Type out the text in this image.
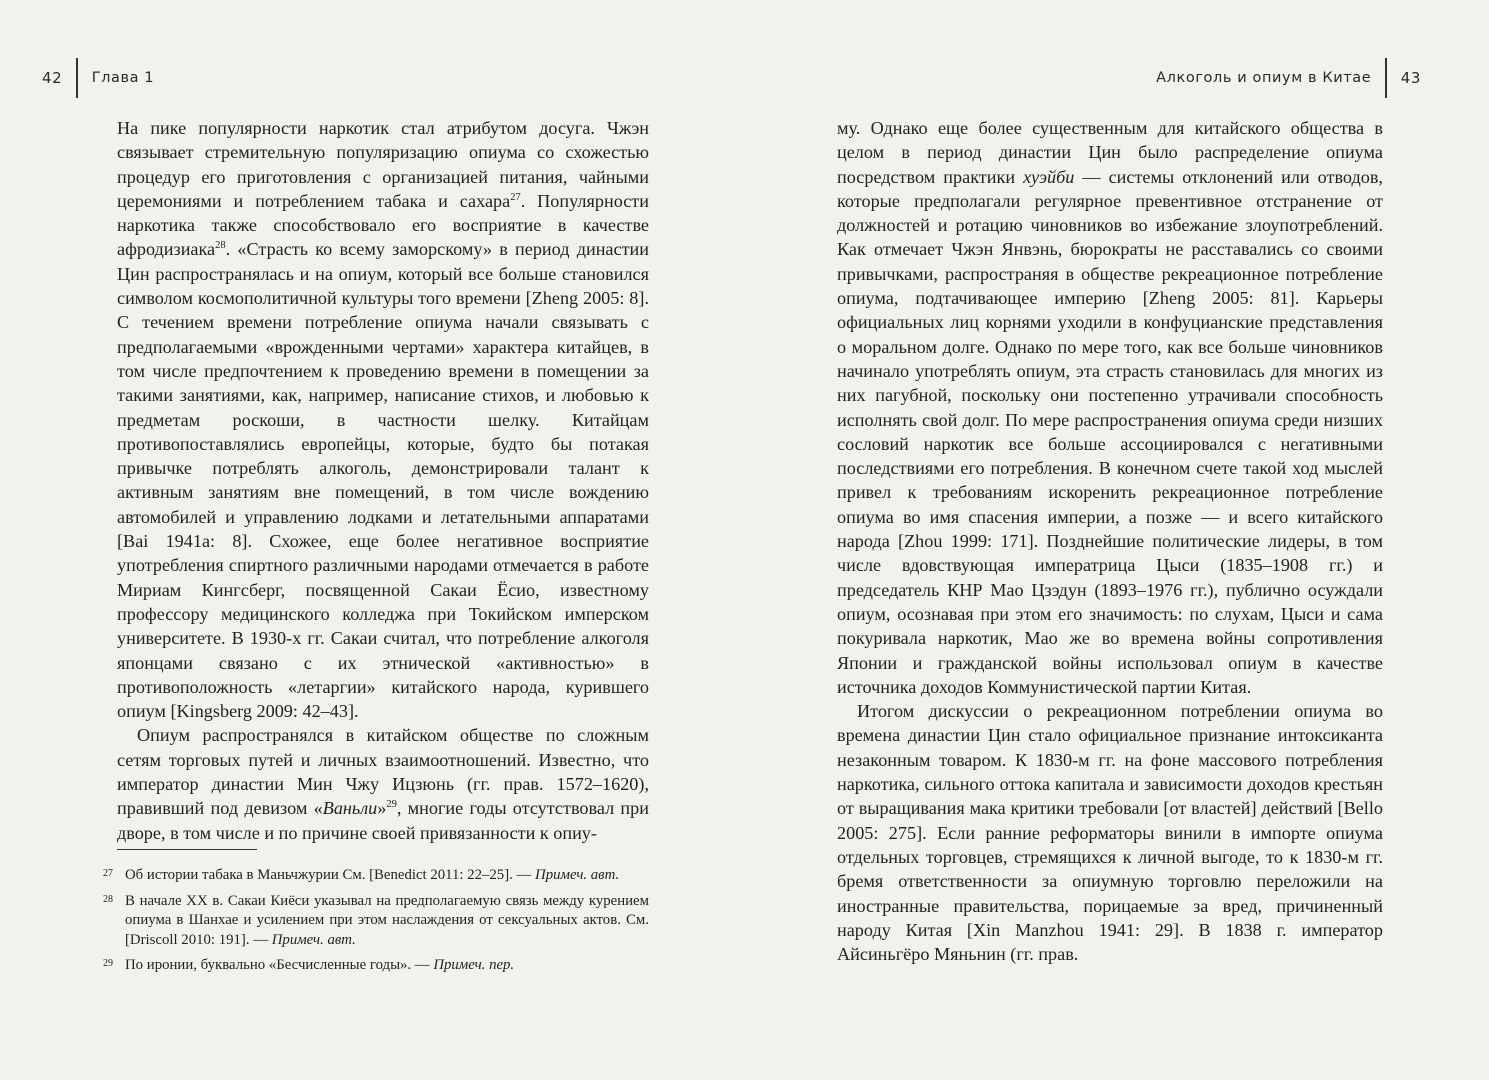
42 Глава 1

На пике популярности наркотик стал атрибутом досуга. Чжэн связывает стремительную популяризацию опиума со схожестью процедур его приготовления с организацией питания, чайными церемониями и потреблением табака и сахара$^{27}$. Популярности наркотика также способствовало его восприятие в качестве афродизиака$^{28}$. «Страсть ко всему заморскому» в период династии Цин распространялась и на опиум, который все больше становился символом космополитичной культуры того времени [Zheng 2005: 8]. С течением времени потребление опиума начали связывать с предполагаемыми «врожденными чертами» характера китайцев, в том числе предпочтением к проведению времени в помещении за такими занятиями, как, например, написание стихов, и любовью к предметам роскоши, в частности шелку. Китайцам противопоставлялись европейцы, которые, будто бы потакая привычке потреблять алкоголь, демонстрировали талант к активным занятиям вне помещений, в том числе вождению автомобилей и управлению лодками и летательными аппаратами [Bai 1941a: 8]. Схожее, еще более негативное восприятие употребления спиртного различными народами отмечается в работе Мириам Кингсберг, посвященной Сакаи Ёсио, известному профессору медицинского колледжа при Токийском имперском университете. В 1930-х гг. Сакаи считал, что потребление алкоголя японцами связано с их этнической «активностью» в противоположность «летаргии» китайского народа, курившего опиум [Kingsberg 2009: 42–43].

Опиум распространялся в китайском обществе по сложным сетям торговых путей и личных взаимоотношений. Известно, что император династии Мин Чжу Ицзюнь (гг. прав. 1572–1620), правивший под девизом «Ваньли»$^{29}$, многие годы отсутствовал при дворе, в том числе и по причине своей привязанности к опиу-

27 Об истории табака в Маньчжурии См. [Benedict 2011: 22–25]. — Примеч. авт.
28 В начале XX в. Сакаи Киёси указывал на предполагаемую связь между курением опиума в Шанхае и усилением при этом наслаждения от сексуальных актов. См. [Driscoll 2010: 191]. — Примеч. авт.
29 По иронии, буквально «Бесчисленные годы». — Примеч. пер.
Алкоголь и опиум в Китае 43

му. Однако еще более существенным для китайского общества в целом в период династии Цин было распределение опиума посредством практики хуэйби — системы отклонений или отводов, которые предполагали регулярное превентивное отстранение от должностей и ротацию чиновников во избежание злоупотреблений. Как отмечает Чжэн Янвэнь, бюрократы не расставались со своими привычками, распространяя в обществе рекреационное потребление опиума, подтачивающее империю [Zheng 2005: 81]. Карьеры официальных лиц корнями уходили в конфуцианские представления о моральном долге. Однако по мере того, как все больше чиновников начинало употреблять опиум, эта страсть становилась для многих из них пагубной, поскольку они постепенно утрачивали способность исполнять свой долг. По мере распространения опиума среди низших сословий наркотик все больше ассоциировался с негативными последствиями его потребления. В конечном счете такой ход мыслей привел к требованиям искоренить рекреационное потребление опиума во имя спасения империи, а позже — и всего китайского народа [Zhou 1999: 171]. Позднейшие политические лидеры, в том числе вдовствующая императрица Цыси (1835–1908 гг.) и председатель КНР Мао Цзэдун (1893–1976 гг.), публично осуждали опиум, осознавая при этом его значимость: по слухам, Цыси и сама покуривала наркотик, Мао же во времена войны сопротивления Японии и гражданской войны использовал опиум в качестве источника доходов Коммунистической партии Китая.

Итогом дискуссии о рекреационном потреблении опиума во времена династии Цин стало официальное признание интоксиканта незаконным товаром. К 1830-м гг. на фоне массового потребления наркотика, сильного оттока капитала и зависимости доходов крестьян от выращивания мака критики требовали [от властей] действий [Bello 2005: 275]. Если ранние реформаторы винили в импорте опиума отдельных торговцев, стремящихся к личной выгоде, то к 1830-м гг. бремя ответственности за опиумную торговлю переложили на иностранные правительства, порицаемые за вред, причиненный народу Китая [Xin Manzhou 1941: 29]. В 1838 г. император Айсиньгёро Мяньнин (гг. прав.
